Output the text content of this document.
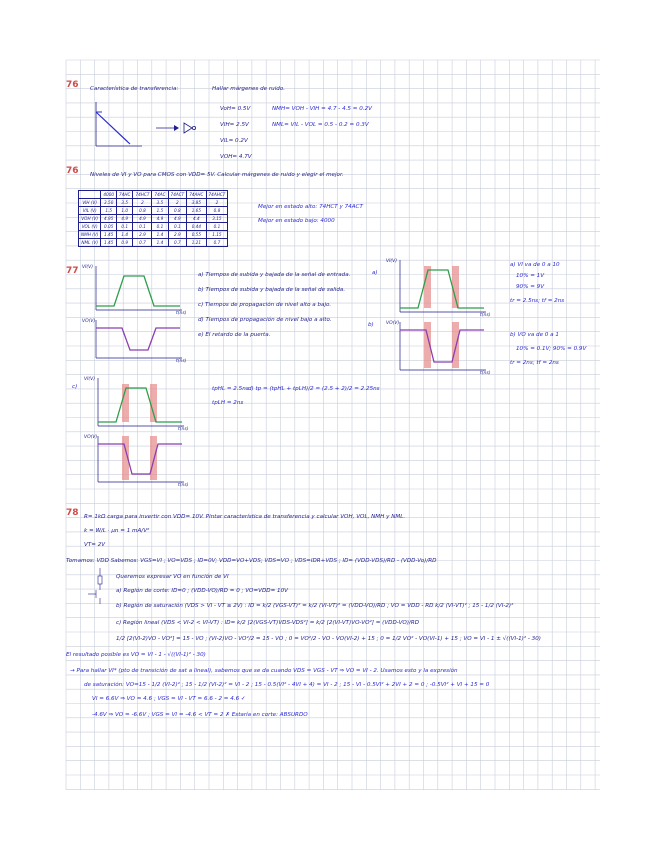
76 Característica de transferencia:	Hallar márgenes de ruido.
VoH= 0.5V
VIH= 2.5V
VIL= 0.2V
VOH= 4.7V
NMH= VOH - VIH = 4.7 - 4.5 = 0.2V
NML= VIL - VOL = 0.5 - 0.2 = 0.3V
76 Niveles de VI y VO para CMOS con VDD= 5V. Calcular márgenes de ruido y elegir el mejor.
	4000	74HC	74HCT	74AC	74ACT	74AHC	74AHCT
VIH (V)	3.50	3.5	2	3.5	2	3.85	2
VIL (V)	1.5	1.0	0.8	1.5	0.8	1.65	0.8
VOH (V)	4.95	4.9	4.9	4.9	4.9	4.4	3.15
VOL (V)	0.05	0.1	0.1	0.1	0.1	0.44	0.1
NMH (V)	1.45	1.4	2.9	1.4	2.9	0.55	1.15
NML (V)	1.45	0.9	0.7	1.4	0.7	1.21	0.7
Mejor en estado alto: 74HCT y 74ACT
Mejor en estado bajo: 4000
77 VI(V)
t(ns)
VO(V)
t(ns)
a) Tiempos de subida y bajada de la señal de entrada.
b) Tiempos de subida y bajada de la señal de salida.
c) Tiempos de propagación de nivel alto a bajo.
d) Tiempos de propagación de nivel bajo a alto.
e) El retardo de la puerta.
a)
VI(V)
t(ns)
b)	VO(V)
t(ns)
a) VI va de 0 a 10
10% = 1V
90% = 9V
tr = 2.5ns; tf = 2ns
b) VO va de 0 a 1
10% = 0.1V; 90% = 0.9V
tr = 2ns; tf = 2ns
c)
VI(V)
t(ns)
VO(V)
t(ns)
tpHL = 2.5ns
tpLH = 2ns
d) tp = (tpHL + tpLH)/2 = (2.5 + 2)/2 = 2.25ns
78 R= 1kΩ carga para invertir con VDD= 10V. Pintar característica de transferencia y calcular VOH, VOL, NMH y NML.
k = W/L · μn = 1 mA/V²
VT= 2V
Tomamos: VDD Sabemos: VGS=VI ; VO=VDS ; ID=0V; VDD=VO+VDS; VDS=VO ; VDS=IDR+VDS ; ID= (VDD-VDS)/RD - (VDD-Vo)/RD
Queremos expresar VO en función de VI
a) Región de corte: ID=0 ; (VDD-VO)/RD = 0 ; VO=VDD= 10V
b) Región de saturación (VDS > VI - VT ≥ 2V) : ID = k/2 (VGS-VT)² = k/2 (VI-VT)² = (VDD-VO)/RD ; VO = VDD - RD k/2 (VI-VT)² ; 15 - 1/2 (VI-2)²
c) Región lineal (VDS < VI-2 < VI-VT) : ID= k/2 [2(VGS-VT)VDS-VDS²] = k/2 [2(VI-VT)VO-VO²] = (VDD-VO)/RD
1/2 [2(VI-2)VO - VO²] = 15 - VO ; (VI-2)VO - VO²/2 = 15 - VO ; 0 = VO²/2 - VO - VO(VI-2) + 15 ; 0 = 1/2 VO² - VO(VI-1) + 15 ; VO = VI - 1 ± √((VI-1)² - 30)
El resultado posible es VO = VI - 1 - √((VI-1)² - 30)
→ Para hallar VI* (pto de transición de sat a lineal), sabemos que se da cuando VDS = VGS - VT ⇒ VO = VI - 2. Usamos esto y la expresión
de saturación: VO=15 - 1/2 (VI-2)² ; 15 - 1/2 (VI-2)² = VI - 2 ; 15 - 0.5(VI² - 4VI + 4) = VI - 2 ; 15 - VI - 0.5VI² + 2VI + 2 = 0 ; -0.5VI² + VI + 15 = 0
VI = 6.6V ⇒ VO = 4.6 ; VGS = VI - VT = 6.6 - 2 = 4.6 ✓
-4.6V ⇒ VO = -6.6V ; VGS = VI = -4.6 < VT = 2 ✗ Estaría en corte: ABSURDO
